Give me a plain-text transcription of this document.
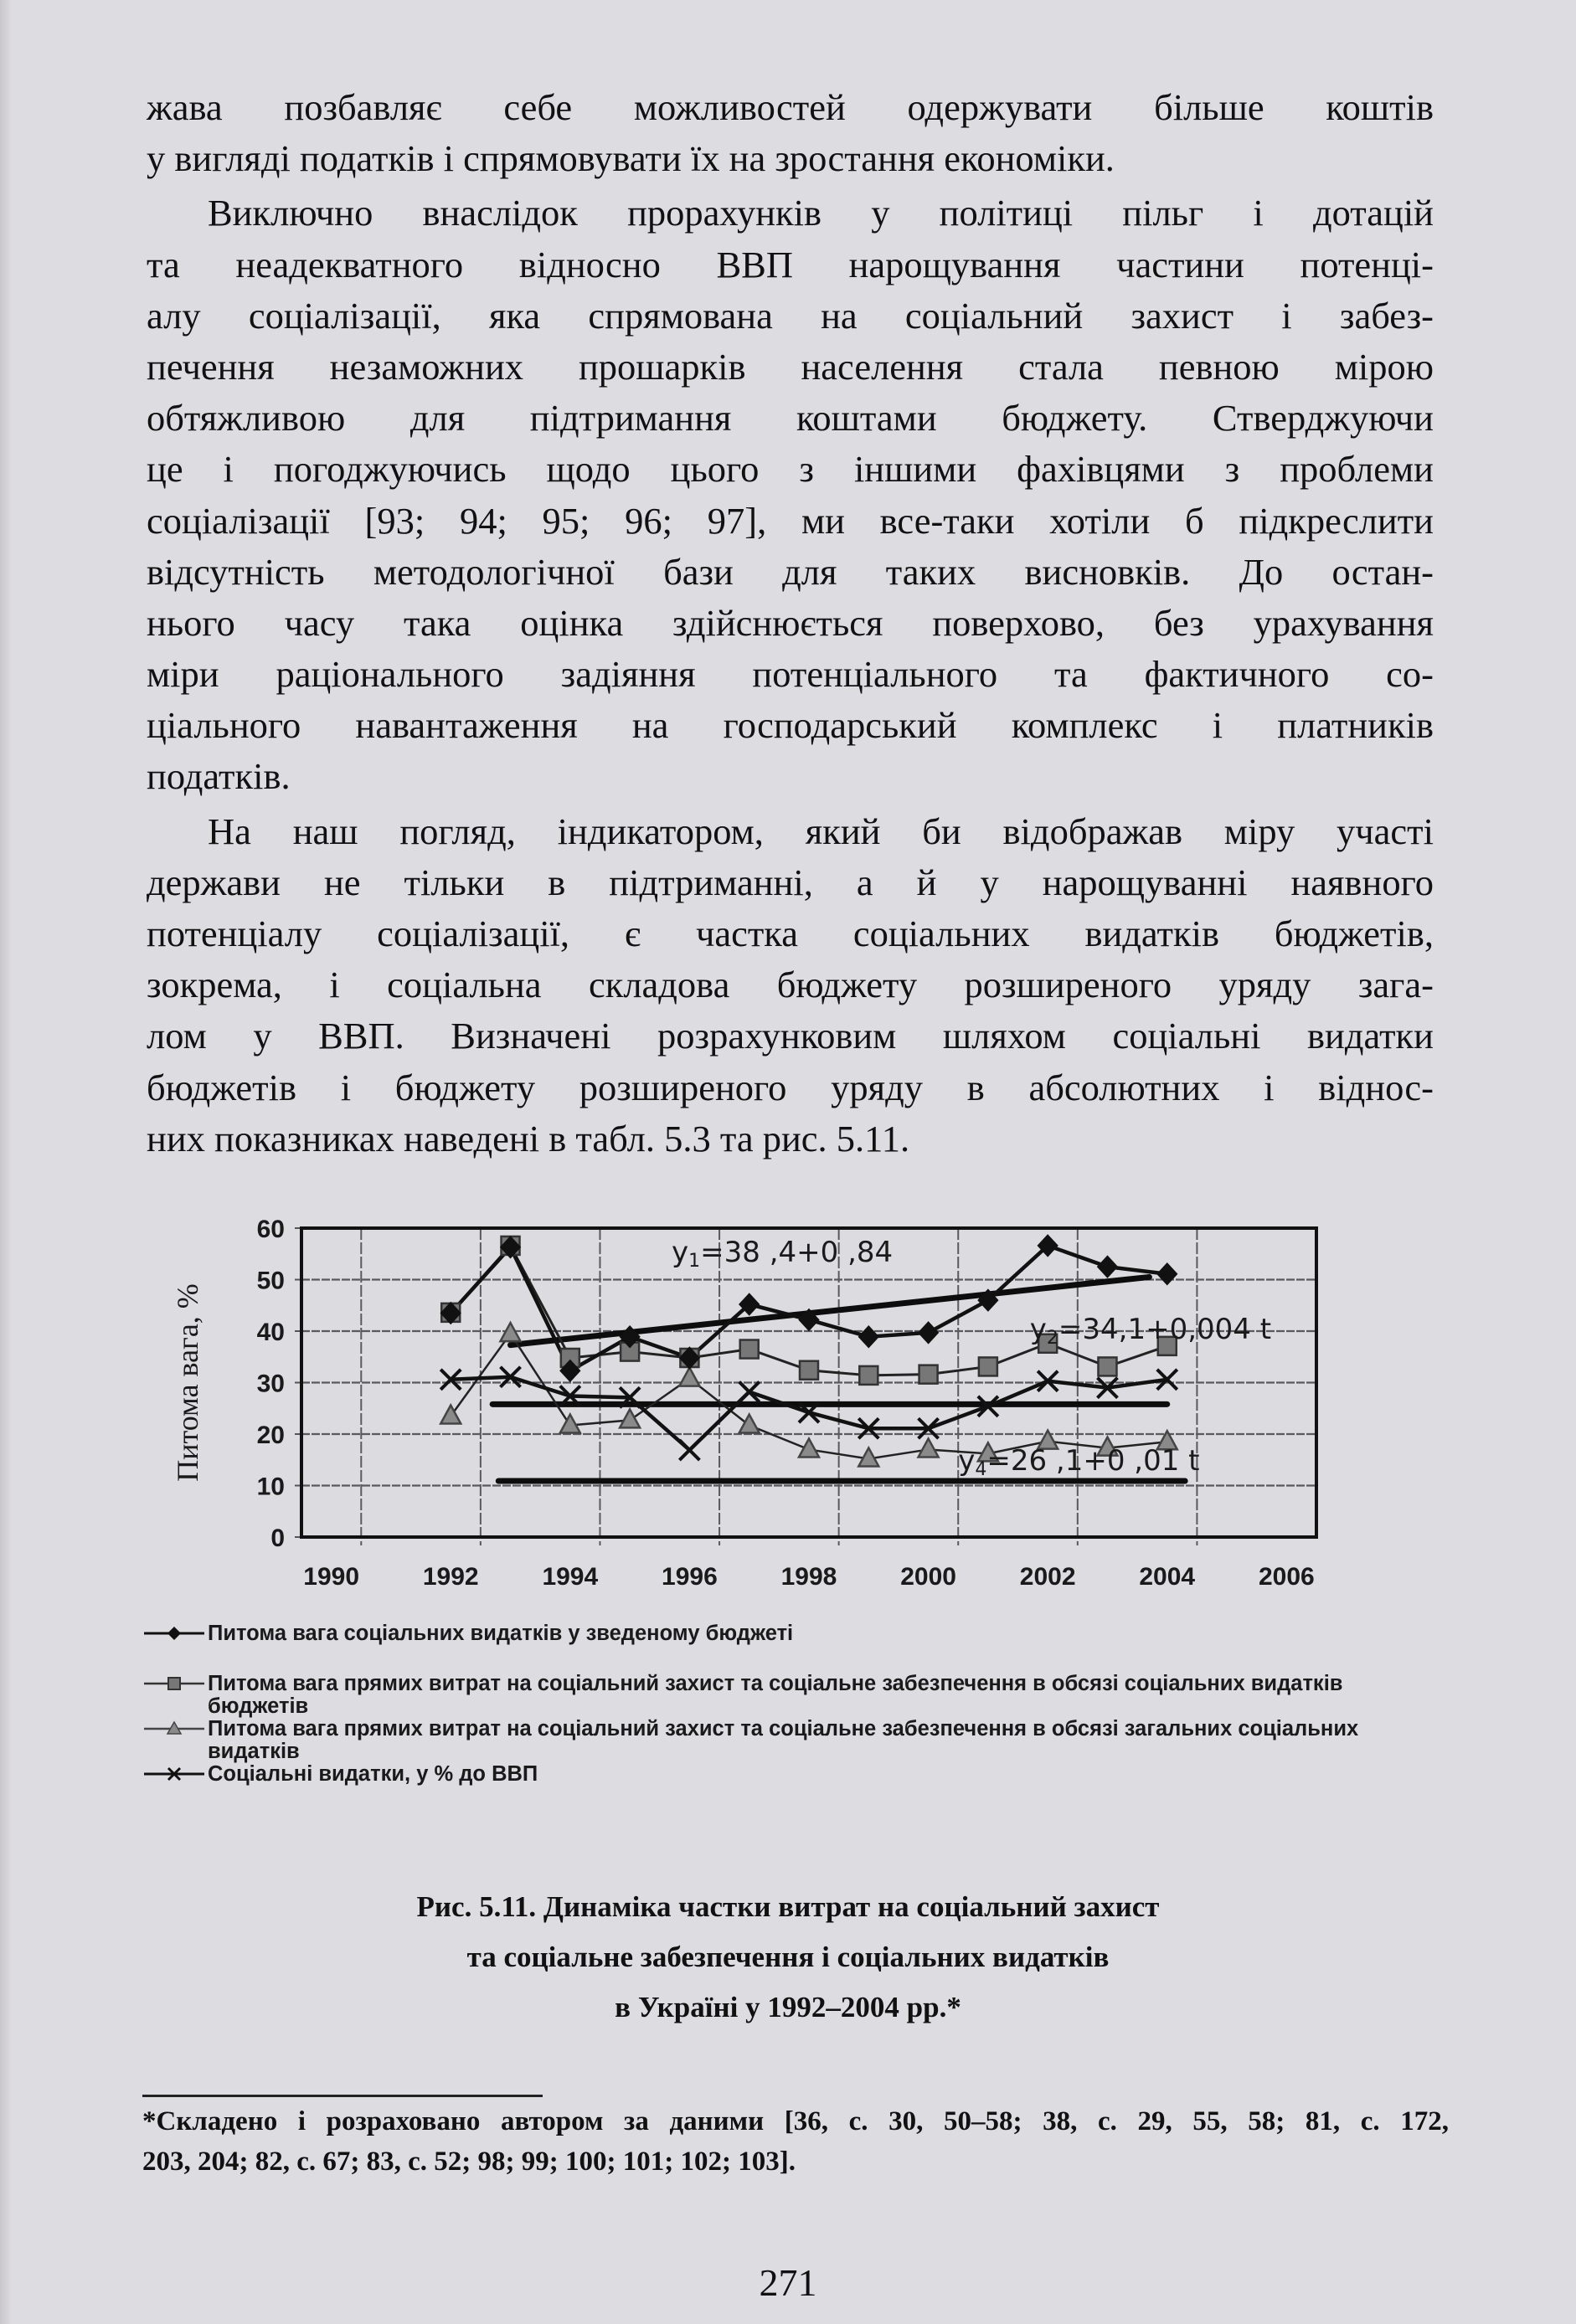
жава позбавляє себе можливостей одержувати більше коштів
у вигляді податків і спрямовувати їх на зростання економіки.
Виключно внаслідок прорахунків у політиці пільг і дотацій
та неадекватного відносно ВВП нарощування частини потенці-
алу соціалізації, яка спрямована на соціальний захист і забез-
печення незаможних прошарків населення стала певною мірою
обтяжливою для підтримання коштами бюджету. Стверджуючи
це і погоджуючись щодо цього з іншими фахівцями з проблеми
соціалізації [93; 94; 95; 96; 97], ми все-таки хотіли б підкреслити
відсутність методологічної бази для таких висновків. До остан-
нього часу така оцінка здійснюється поверхово, без урахування
міри раціонального задіяння потенціального та фактичного со-
ціального навантаження на господарський комплекс і платників
податків.
На наш погляд, індикатором, який би відображав міру участі
держави не тільки в підтриманні, а й у нарощуванні наявного
потенціалу соціалізації, є частка соціальних видатків бюджетів,
зокрема, і соціальна складова бюджету розширеного уряду зага-
лом у ВВП. Визначені розрахунковим шляхом соціальні видатки
бюджетів і бюджету розширеного уряду в абсолютних і віднос-
них показниках наведені в табл. 5.3 та рис. 5.11.
0
10
20
30
40
50
60
1990	1992	1994	1996	1998	2000	2002	2004	2006
Питома вага, %
y1=38 ,4+0 ,84
y2=34,1+0,004 t
y4=26 ,1+0 ,01 t
Питома вага соціальних видатків у зведеному бюджеті
Питома вага прямих витрат на соціальний захист та соціальне забезпечення в обсязі соціальних видатків бюджетів
Питома вага прямих витрат на соціальний захист та соціальне забезпечення в обсязі загальних соціальних видатків
Соціальні видатки, у % до ВВП
Рис. 5.11. Динаміка частки витрат на соціальний захист
та соціальне забезпечення і соціальних видатків
в Україні у 1992–2004 рр.*
*Складено і розраховано автором за даними [36, с. 30, 50–58; 38, с. 29, 55, 58; 81, с. 172,
203, 204; 82, с. 67; 83, с. 52; 98; 99; 100; 101; 102; 103].
271
